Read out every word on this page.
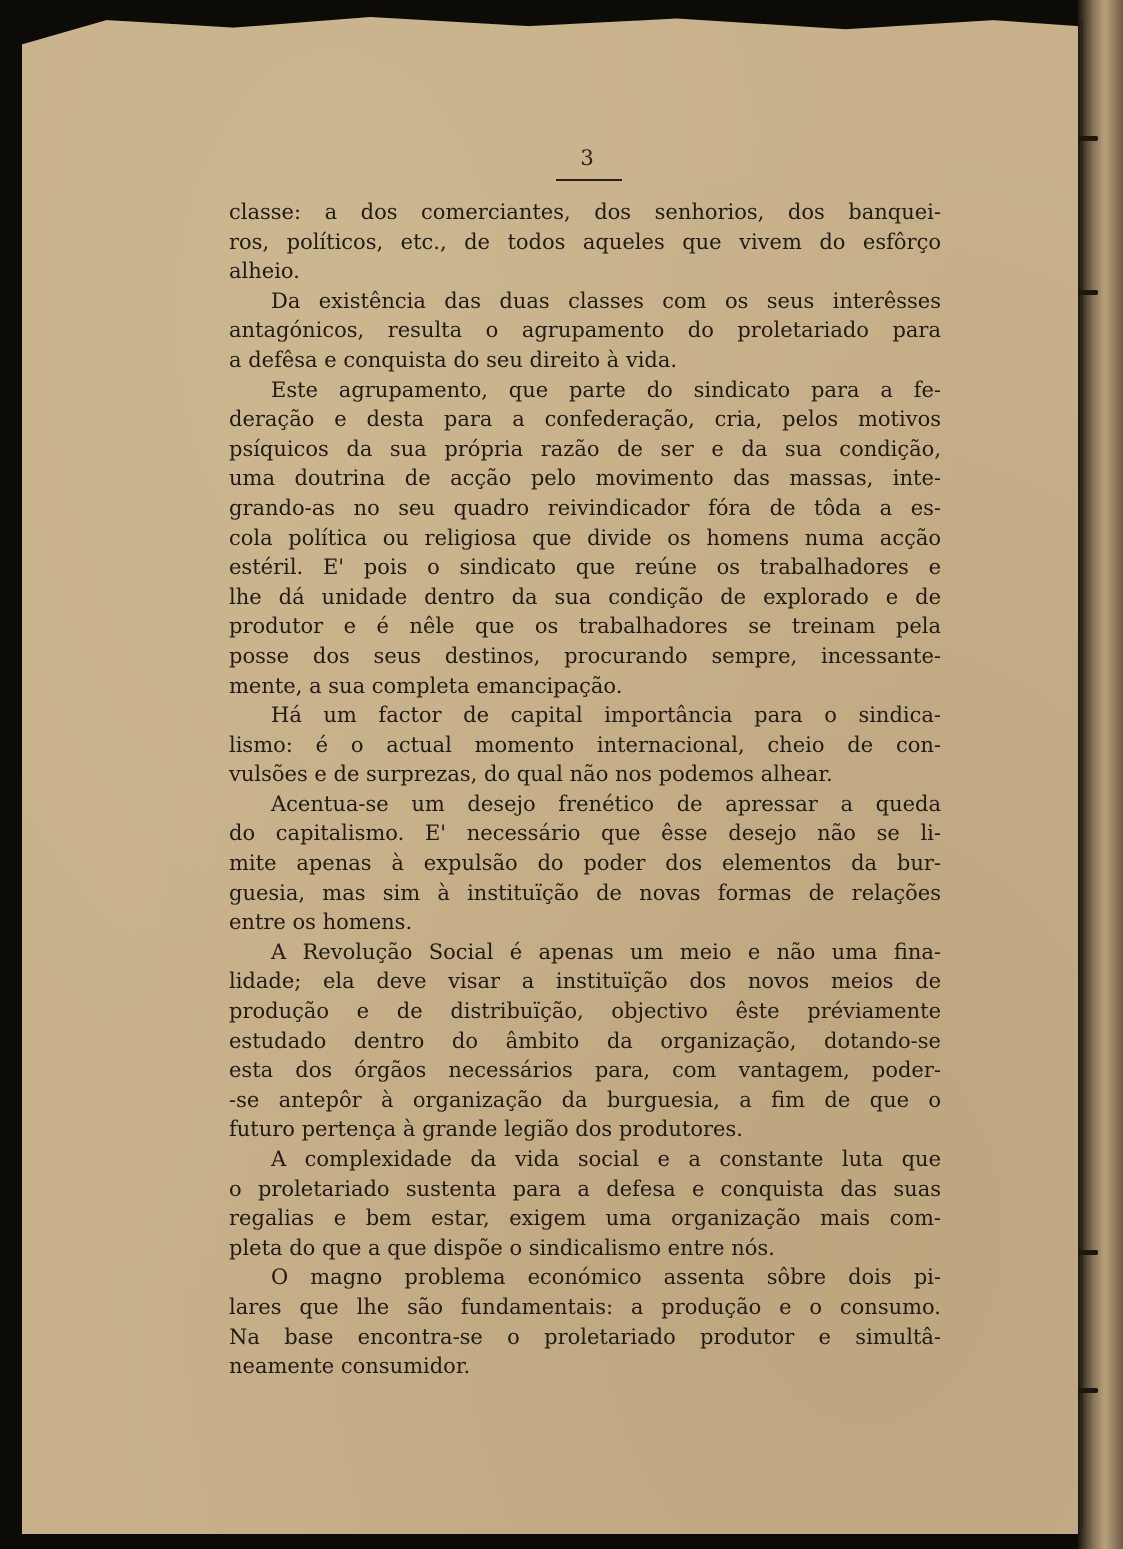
3
classe: a dos comerciantes, dos senhorios, dos banquei-
ros, políticos, etc., de todos aqueles que vivem do esfôrço
alheio.
Da existência das duas classes com os seus interêsses
antagónicos, resulta o agrupamento do proletariado para
a defêsa e conquista do seu direito à vida.
Este agrupamento, que parte do sindicato para a fe-
deração e desta para a confederação, cria, pelos motivos
psíquicos da sua própria razão de ser e da sua condição,
uma doutrina de acção pelo movimento das massas, inte-
grando-as no seu quadro reivindicador fóra de tôda a es-
cola política ou religiosa que divide os homens numa acção
estéril. E' pois o sindicato que reúne os trabalhadores e
lhe dá unidade dentro da sua condição de explorado e de
produtor e é nêle que os trabalhadores se treinam pela
posse dos seus destinos, procurando sempre, incessante-
mente, a sua completa emancipação.
Há um factor de capital importância para o sindica-
lismo: é o actual momento internacional, cheio de con-
vulsões e de surprezas, do qual não nos podemos alhear.
Acentua-se um desejo frenético de apressar a queda
do capitalismo. E' necessário que êsse desejo não se li-
mite apenas à expulsão do poder dos elementos da bur-
guesia, mas sim à instituïção de novas formas de relações
entre os homens.
A Revolução Social é apenas um meio e não uma fina-
lidade; ela deve visar a instituïção dos novos meios de
produção e de distribuïção, objectivo êste préviamente
estudado dentro do âmbito da organização, dotando-se
esta dos órgãos necessários para, com vantagem, poder-
-se antepôr à organização da burguesia, a fim de que o
futuro pertença à grande legião dos produtores.
A complexidade da vida social e a constante luta que
o proletariado sustenta para a defesa e conquista das suas
regalias e bem estar, exigem uma organização mais com-
pleta do que a que dispõe o sindicalismo entre nós.
O magno problema económico assenta sôbre dois pi-
lares que lhe são fundamentais: a produção e o consumo.
Na base encontra-se o proletariado produtor e simultâ-
neamente consumidor.
